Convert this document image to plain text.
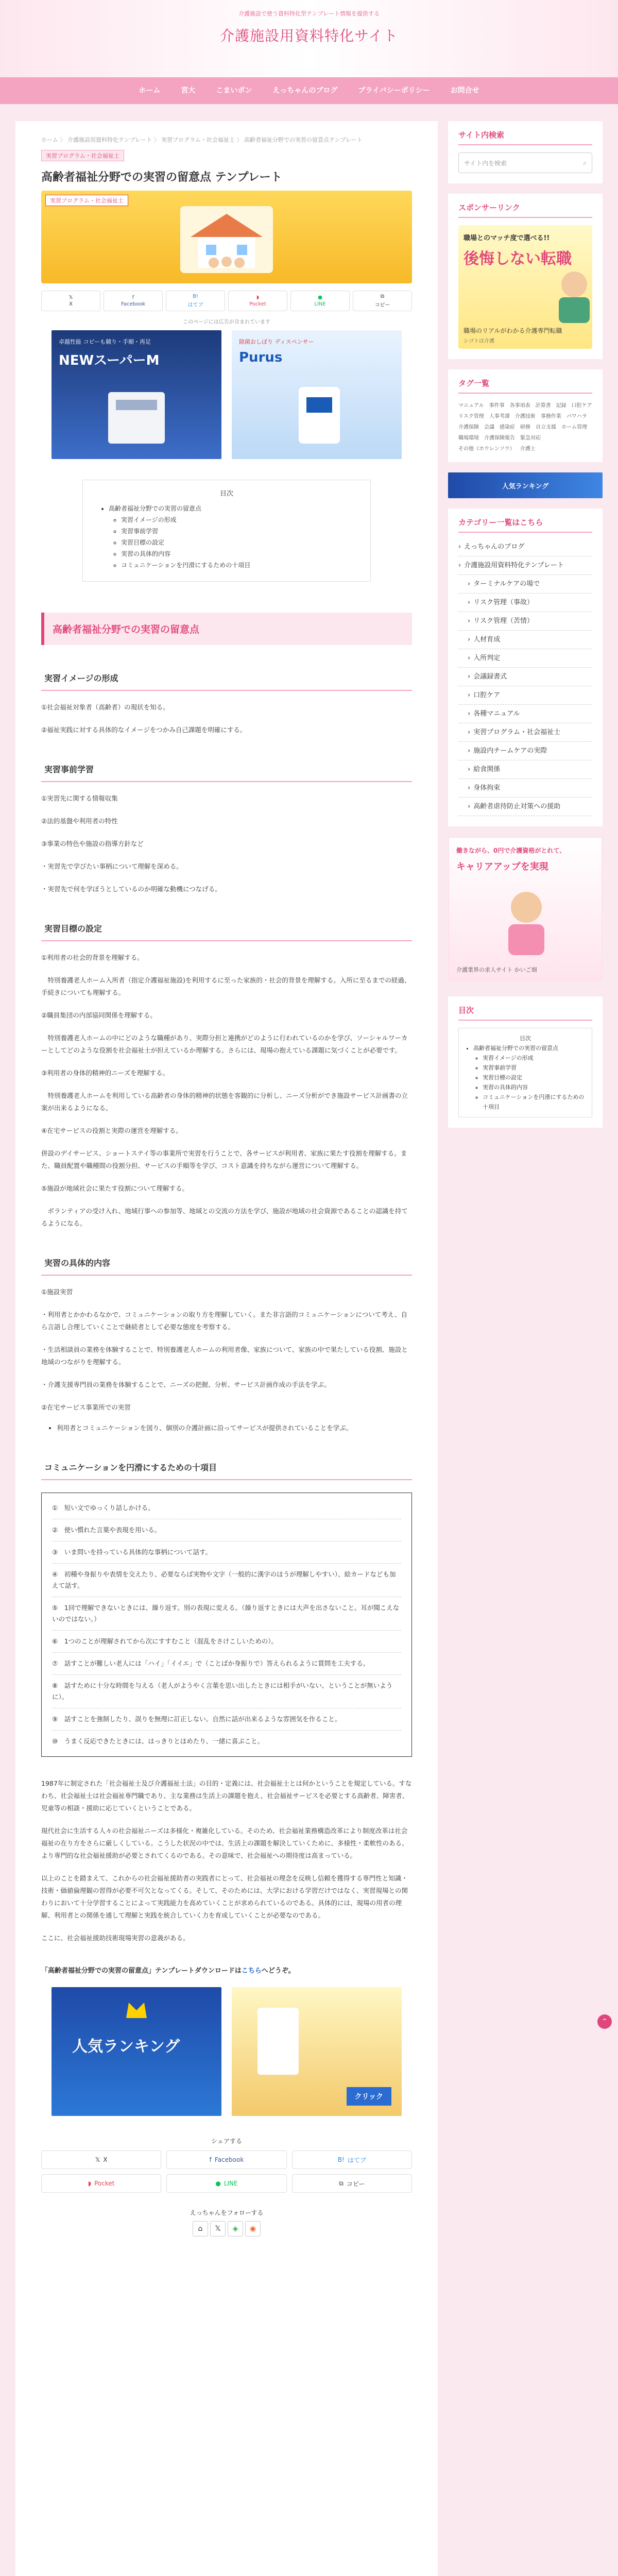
介護施設で使う資料特化型テンプレート情報を提供する
介護施設用資料特化サイト
ホーム	宮大	こまいポン	えっちゃんのブログ	プライバシーポリシー	お問合せ
ホーム 〉 介護施設用資料特化テンプレート 〉 実習プログラム・社会福祉士 〉 高齢者福祉分野での実習の留意点テンプレート
実習プログラム・社会福祉士
高齢者福祉分野での実習の留意点 テンプレート
実習プログラム・社会福祉士
𝕏
X
f
Facebook
B!
はてブ
◗
Pocket
●
LINE
⧉
コピー
このページには広告が含まれています
卓越性能 コピーも競り・手順・再足
NEWスーパーM
除菌おしぼり ディスペンサー
Purus
目次
• 高齢者福祉分野での実習の留意点
◦ 実習イメージの形成
◦ 実習事前学習
◦ 実習目標の設定
◦ 実習の具体的内容
◦ コミュニケーションを円滑にするための十項目
高齢者福祉分野での実習の留意点
実習イメージの形成

①社会福祉対象者（高齢者）の現状を知る。

②福祉実践に対する具体的なイメージをつかみ自己課題を明確にする。

実習事前学習

①実習先に関する情報収集

②法的基盤や利用者の特性

③事業の特色や施設の指導方針など

・実習先で学びたい事柄について理解を深める。

・実習先で何を学ぼうとしているのか明確な動機につなげる。

実習目標の設定

①利用者の社会的背景を理解する。

特別養護老人ホーム入所者（指定介護福祉施設)を利用するに至った家族的・社会的背景を理解する。入所に至るまでの経過、手続きについても理解する。

②職員集団の内部協同関係を理解する。

特別養護老人ホームの中にどのような職種があり、実際分担と連携がどのように行われているのかを学び、ソーシャルワーカーとしてどのような役割を社会福祉士が担えているか理解する。さらには、現場の抱えている課題に気づくことが必要です。

③利用者の身体的精神的ニーズを理解する。

特別養護老人ホームを利用している高齢者の身体的精神的状態を客観的に分析し、ニーズ分析ができ施設サービス計画書の立案が出来るようになる。

④在宅サービスの役割と実際の運営を理解する。

併設のデイサービス、ショートステイ等の事業所で実習を行うことで、各サービスが利用者、家族に果たす役割を理解する。また、職員配置や職種間の役割分担、サービスの手順等を学び、コスト意識を持ちながら運営について理解する。

⑤施設が地域社会に果たす役割について理解する。

ボランティアの受け入れ、地域行事への参加等、地域との交流の方法を学び、施設が地域の社会資源であることの認識を持てるようになる。

実習の具体的内容

①施設実習

・利用者とかかわるなかで、コミュニケーションの取り方を理解していく。また非言語的コミュニケーションについて考え、自ら言語し合理していくことで継続者として必要な態度を考察する。

・生活相談員の業務を体験することで、特別養護老人ホームの利用者像、家族について、家族の中で果たしている役割、施設と地域のつながりを理解する。

・介護支援専門員の業務を体験することで、ニーズの把握、分析、サービス計画作成の手法を学ぶ。

②在宅サービス事業所での実習

• 利用者とコミュニケーションを図り、個別の介護計画に沿ってサービスが提供されていることを学ぶ。
コミュニケーションを円滑にするための十項目

①　短い文でゆっくり話しかける。

②　使い慣れた言葉や表現を用いる。

③　いま問いを持っている具体的な事柄について話す。

④　初種や身振りや表情を交えたり、必要ならば実物や文字（一般的に漢字のほうが理解しやすい）、絵カードなども加えて話す。

⑤　1回で理解できないときには、繰り返す。別の表現に変える。（繰り返すときには大声を出さないこと。耳が聞こえないのではない。）

⑥　1つのことが理解されてから次にすすむこと（混乱をさけこしいための）。

⑦　話すことが難しい老人には「ハイ」「イイエ」で（ことばか身振りで）答えられるように質問を工夫する。

⑧　話すために十分な時間を与える（老人がようやく言葉を思い出したときには相手がいない、ということが無いように）。

⑨　話すことを強制したり、誤りを無理に訂正しない。自然に話が出来るような雰囲気を作ること。

⑩　うまく反応できたときには、はっきりとほめたり、一緒に喜ぶこと。

1987年に制定された「社会福祉士及び介護福祉士法」の目的・定義には、社会福祉士とは何かということを規定している。すなわち、社会福祉士は社会福祉専門職であり、主な業務は生活上の課題を抱え、社会福祉サービスを必要とする高齢者、障害者、児童等の相談・援助に応じていくということである。

現代社会に生活する人々の社会福祉ニーズは多様化・複雑化している。そのため、社会福祉業務構造改革により制度改革は社会福祉の在り方をさらに厳しくしている。こうした状況の中では、生活上の課題を解決していくために、多様性・柔軟性のある、より専門的な社会福祉援助が必要とされてくるのである。その意味で、社会福祉への期待度は高まっている。

以上のことを踏まえて、これからの社会福祉援助者の実践者にとって、社会福祉の理念を反映し信頼を獲得する専門性と知識・技術・価値倫理観の習得が必要不可欠となってくる。そして、そのためには、大学における学習だけではなく、実習現場との関わりにおいて十分学習することによって実践能力を高めていくことが求められているのである。具体的には、現場の用者の理解、利用者との関係を通して理解と実践を統合していく力を育成していくことが必要なのである。

ここに、社会福祉援助技術現場実習の意義がある。

「高齢者福祉分野での実習の留意点」テンプレートダウンロードはこちらへどうぞ。
人気ランキング
クリック
シェアする
𝕏 X	f Facebook	B! はてブ
◗ Pocket	● LINE	⧉ コピー
えっちゃんをフォローする
⌂	𝕏	◈	◉
サイト内検索
サイト内を検索	⌕
スポンサーリンク
職場とのマッチ度で選べる!!
後悔しない転職
職場のリアルがわかる介護専門転職
シゴトは介護
タグ一覧
マニュアル 事件事 各事項表 計算書 記録 口腔ケア
リスク管理 人事考課 介護技術 事務作業 パワハラ
介護保険 会議 感染症 研修 自立支援 ホーム管理
職場環境 介護保険報告 緊急対応
その他（ホウレンソウ） 介護士
人気ランキング
カテゴリー一覧はこちら
› えっちゃんのブログ
› 介護施設用資料特化テンプレート
› ターミナルケアの場で
› リスク管理（事故）
› リスク管理（苦情）
› 人材育成
› 入所判定
› 会議録書式
› 口腔ケア
› 各種マニュアル
› 実習プログラム・社会福祉士
› 施設内チームケアの実際
› 給食関係
› 身体拘束
› 高齢者虐待防止対策への援助
働きながら、0円で介護資格がとれて、
キャリアアップを実現
介護業界の求人サイト かいご畑
目次
目次
• 高齢者福祉分野での実習の留意点
◦ 実習イメージの形成
◦ 実習事前学習
◦ 実習目標の設定
◦ 実習の具体的内容
◦ コミュニケーションを円滑にするための十項目
⌃
